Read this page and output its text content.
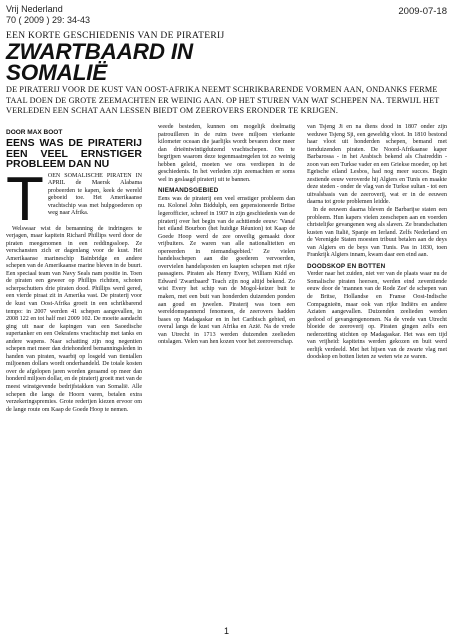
Vrij Nederland
70 ( 2009 ) 29: 34-43
2009-07-18
EEN KORTE GESCHIEDENIS VAN DE PIRATERIJ
ZWARTBAARD IN
SOMALIË
DE PIRATERIJ VOOR DE KUST VAN OOST-AFRIKA NEEMT SCHRIKBARENDE VORMEN AAN, ONDANKS FERME TAAL DOEN DE GROTE ZEEMACHTEN ER WEINIG AAN. OP HET STUREN VAN WAT SCHEPEN NA. TERWIJL HET VERLEDEN EEN SCHAT AAN LESSEN BIEDT OM ZEEROVERS ERONDER TE KRIJGEN.
DOOR MAX BOOT
EENS WAS DE PIRATERIJ EEN VEEL ERNSTIGER PROBLEEM DAN NU
T OEN SOMALISCHE PIRATEN IN APRIL de Maersk Alabama probeerden te kapen, keek de wereld geboeid toe. Het Amerikaanse vrachtschip was met hulpgoederen op weg naar Afrika.

Welswaar wist de bemanning de indringers te verjagen, maar kapitein Richard Phillips werd door de piraten meegenomen in een reddingssloep. Ze verschansten zich er dagenlang voor de kust. Het Amerikaanse marineschip Bainbridge en andere schepen van de Amerikaanse marine bleven in de buurt. Een speciaal team van Navy Seals nam positie in. Toen de piraten een geweer op Phillips richtten, schoten scherpschutters drie piraten dood. Phillips werd gered, een vierde piraat zit in Amerika vast. De piraterij voor de kust van Oost-Afrika groeit in een schrikbarend tempo: in 2007 werden 41 schepen aangevallen, in 2008 122 en tot half mei 2009 102. De moeite aandacht ging uit naar de kapingen van een Saoedische supertanker en een Oekraïens vrachtschip met tanks en andere wapens. Naar schatting zijn nog negentien schepen met meer dan driehonderd bemanningsleden in handen van piraten, waarbij op losgeld van tientallen miljoenen dollars wordt onderhandeld. De totale kosten over de afgelopen jaren worden geraamd op meer dan honderd miljoen dollar, en de piraterij groeit met van de meest winstgevende bedrijfstakken van Somalië. Alle schepen die langs de Hoorn varen, betalen extra verzekeringspremies. Grote rederijen kiezen ervoor om de lange route om Kaap de Goede Hoop te nemen.

weede besteden, kunnen om mogelijk doelmatig patrouilleren in de ruim twee miljoen vierkante kilometer oceaan die jaarlijks wordt bevaren door meer dan drieëntwintigduizend vrachtschepen. Om te begrijpen waarom deze tegenmaatregelen tot zo weinig hebben geleid, moeten we ons verdiepen in de geschiedenis. In het verleden zijn zeemachten er soms wel in geslaagd piraterij uit te bannen.

NIEMANDSGEBIED

Eens was de piraterij een veel ernstiger probleem dan nu. Kolonel John Biddulph, een gepensioneerde Britse legerofficier, schreef in 1907 in zijn geschiedenis van de piraterij over het begin van de achttiende eeuw: 'Vanaf het eiland Bourbon (het huidige Réunion) tot Kaap de Goede Hoop werd de zee onveilig gemaakt door vrijbuiters. Ze waren van alle nationaliteiten en opereerden in niemandsgebied.' Ze vielen handelsschepen aan die goederen vervoerden, overvielen handelsposten en kaapten schepen met rijke passagiers. Piraten als Henry Every, William Kidd en Edward 'Zwartbaard' Teach zijn nog altijd bekend. Zo wist Every het schip van de Mogol-keizer buit te maken, met een buit van honderden duizenden ponden aan goud en juwelen. Piraterij was toen een wereldomspannend fenomeen, de zeerovers hadden bases op Madagaskar en in het Caribisch gebied, en overal langs de kust van Afrika en Azië. Na de vrede van Utrecht in 1713 werden duizenden zeelieden ontslagen. Velen van hen kozen voor het zeeroverschap.

van Tsjeng Ji en na diens dood in 1807 onder zijn weduwe Tsjeng Sji, een geweldig vloot. In 1810 bestond haar vloot uit honderden schepen, bemand met tienduizenden piraten. De Noord-Afrikaanse kaper Barbarossa - in het Arabisch bekend als Chaireddin - zoon van een Turkse vader en een Griekse moeder, op het Egeïsche eiland Lesbos, had nog meer succes. Begin zestiende eeuw veroverde hij Algiers en Tunis en maakte deze steden - onder de vlag van de Turkse sultan - tot een uitvalsbasis van de zeeroverij, wat er in de eeuwen daarna tot grote problemen leidde.

In de eeuwen daarna bleven de Barbarijse staten een probleem. Hun kapers vielen zeeschepen aan en voerden christelijke gevangenen weg als slaven. Ze brandschatten kusten van Italië, Spanje en Ierland. Zelfs Nederland en de Verenigde Staten moesten tribuut betalen aan de deys van Algiers en de beys van Tunis. Pas in 1830, toen Frankrijk Algiers innam, kwam daar een eind aan.

DOODSKOP EN BOTTEN

Verder naar het zuiden, niet ver van de plaats waar nu de Somalische piraten heersen, werden eind zeventiende eeuw door de 'mannen van de Rode Zee' de schepen van de Britse, Hollandse en Franse Oost-Indische Compagnieën, maar ook van rijke Indiërs en andere Aziaten aangevallen. Duizenden zeelieden werden gedood of gevangengenomen. Na de vrede van Utrecht bloeide de zeeroverij op. Piraten gingen zelfs een nederzetting stichten op Madagaskar. Het was een tijd van vrijheid: kapiteins werden gekozen en buit werd eerlijk verdeeld. Met het hijsen van de zwarte vlag met doodskop en botten lieten ze weten wie ze waren.

1
